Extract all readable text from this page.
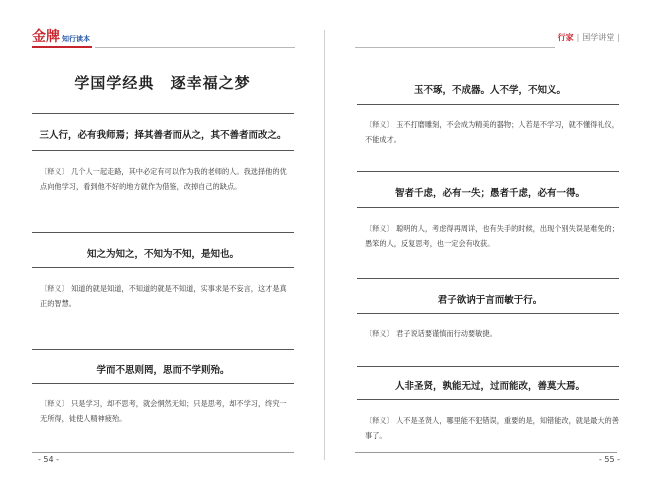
金牌 知行读本
学国学经典 逐幸福之梦
三人行，必有我师焉；择其善者而从之，其不善者而改之。
〔释义〕 几个人一起走路，其中必定有可以作为我的老师的人。我选择他的优点向他学习，看到他不好的地方就作为借鉴，改掉自己的缺点。
知之为知之，不知为不知，是知也。
〔释义〕 知道的就是知道，不知道的就是不知道，实事求是不妄言，这才是真正的智慧。
学而不思则罔，思而不学则殆。
〔释义〕 只是学习，却不思考，就会惘然无知；只是思考，却不学习，终究一无所得，徒使人精神疲殆。
- 54 -
行家 | 国学讲堂 |
玉不琢，不成器。人不学，不知义。
〔释义〕 玉不打磨雕刻，不会成为精美的器物；人若是不学习，就不懂得礼仪，不能成才。
智者千虑，必有一失；愚者千虑，必有一得。
〔释义〕 聪明的人，考虑得再周详，也有失手的时候，出现个别失误是难免的；愚笨的人，反复思考，也一定会有收获。
君子欲讷于言而敏于行。
〔释义〕 君子说话要谨慎而行动要敏捷。
人非圣贤，孰能无过，过而能改，善莫大焉。
〔释义〕 人不是圣贤人，哪里能不犯错误，重要的是，知错能改，就是最大的善事了。
- 55 -
